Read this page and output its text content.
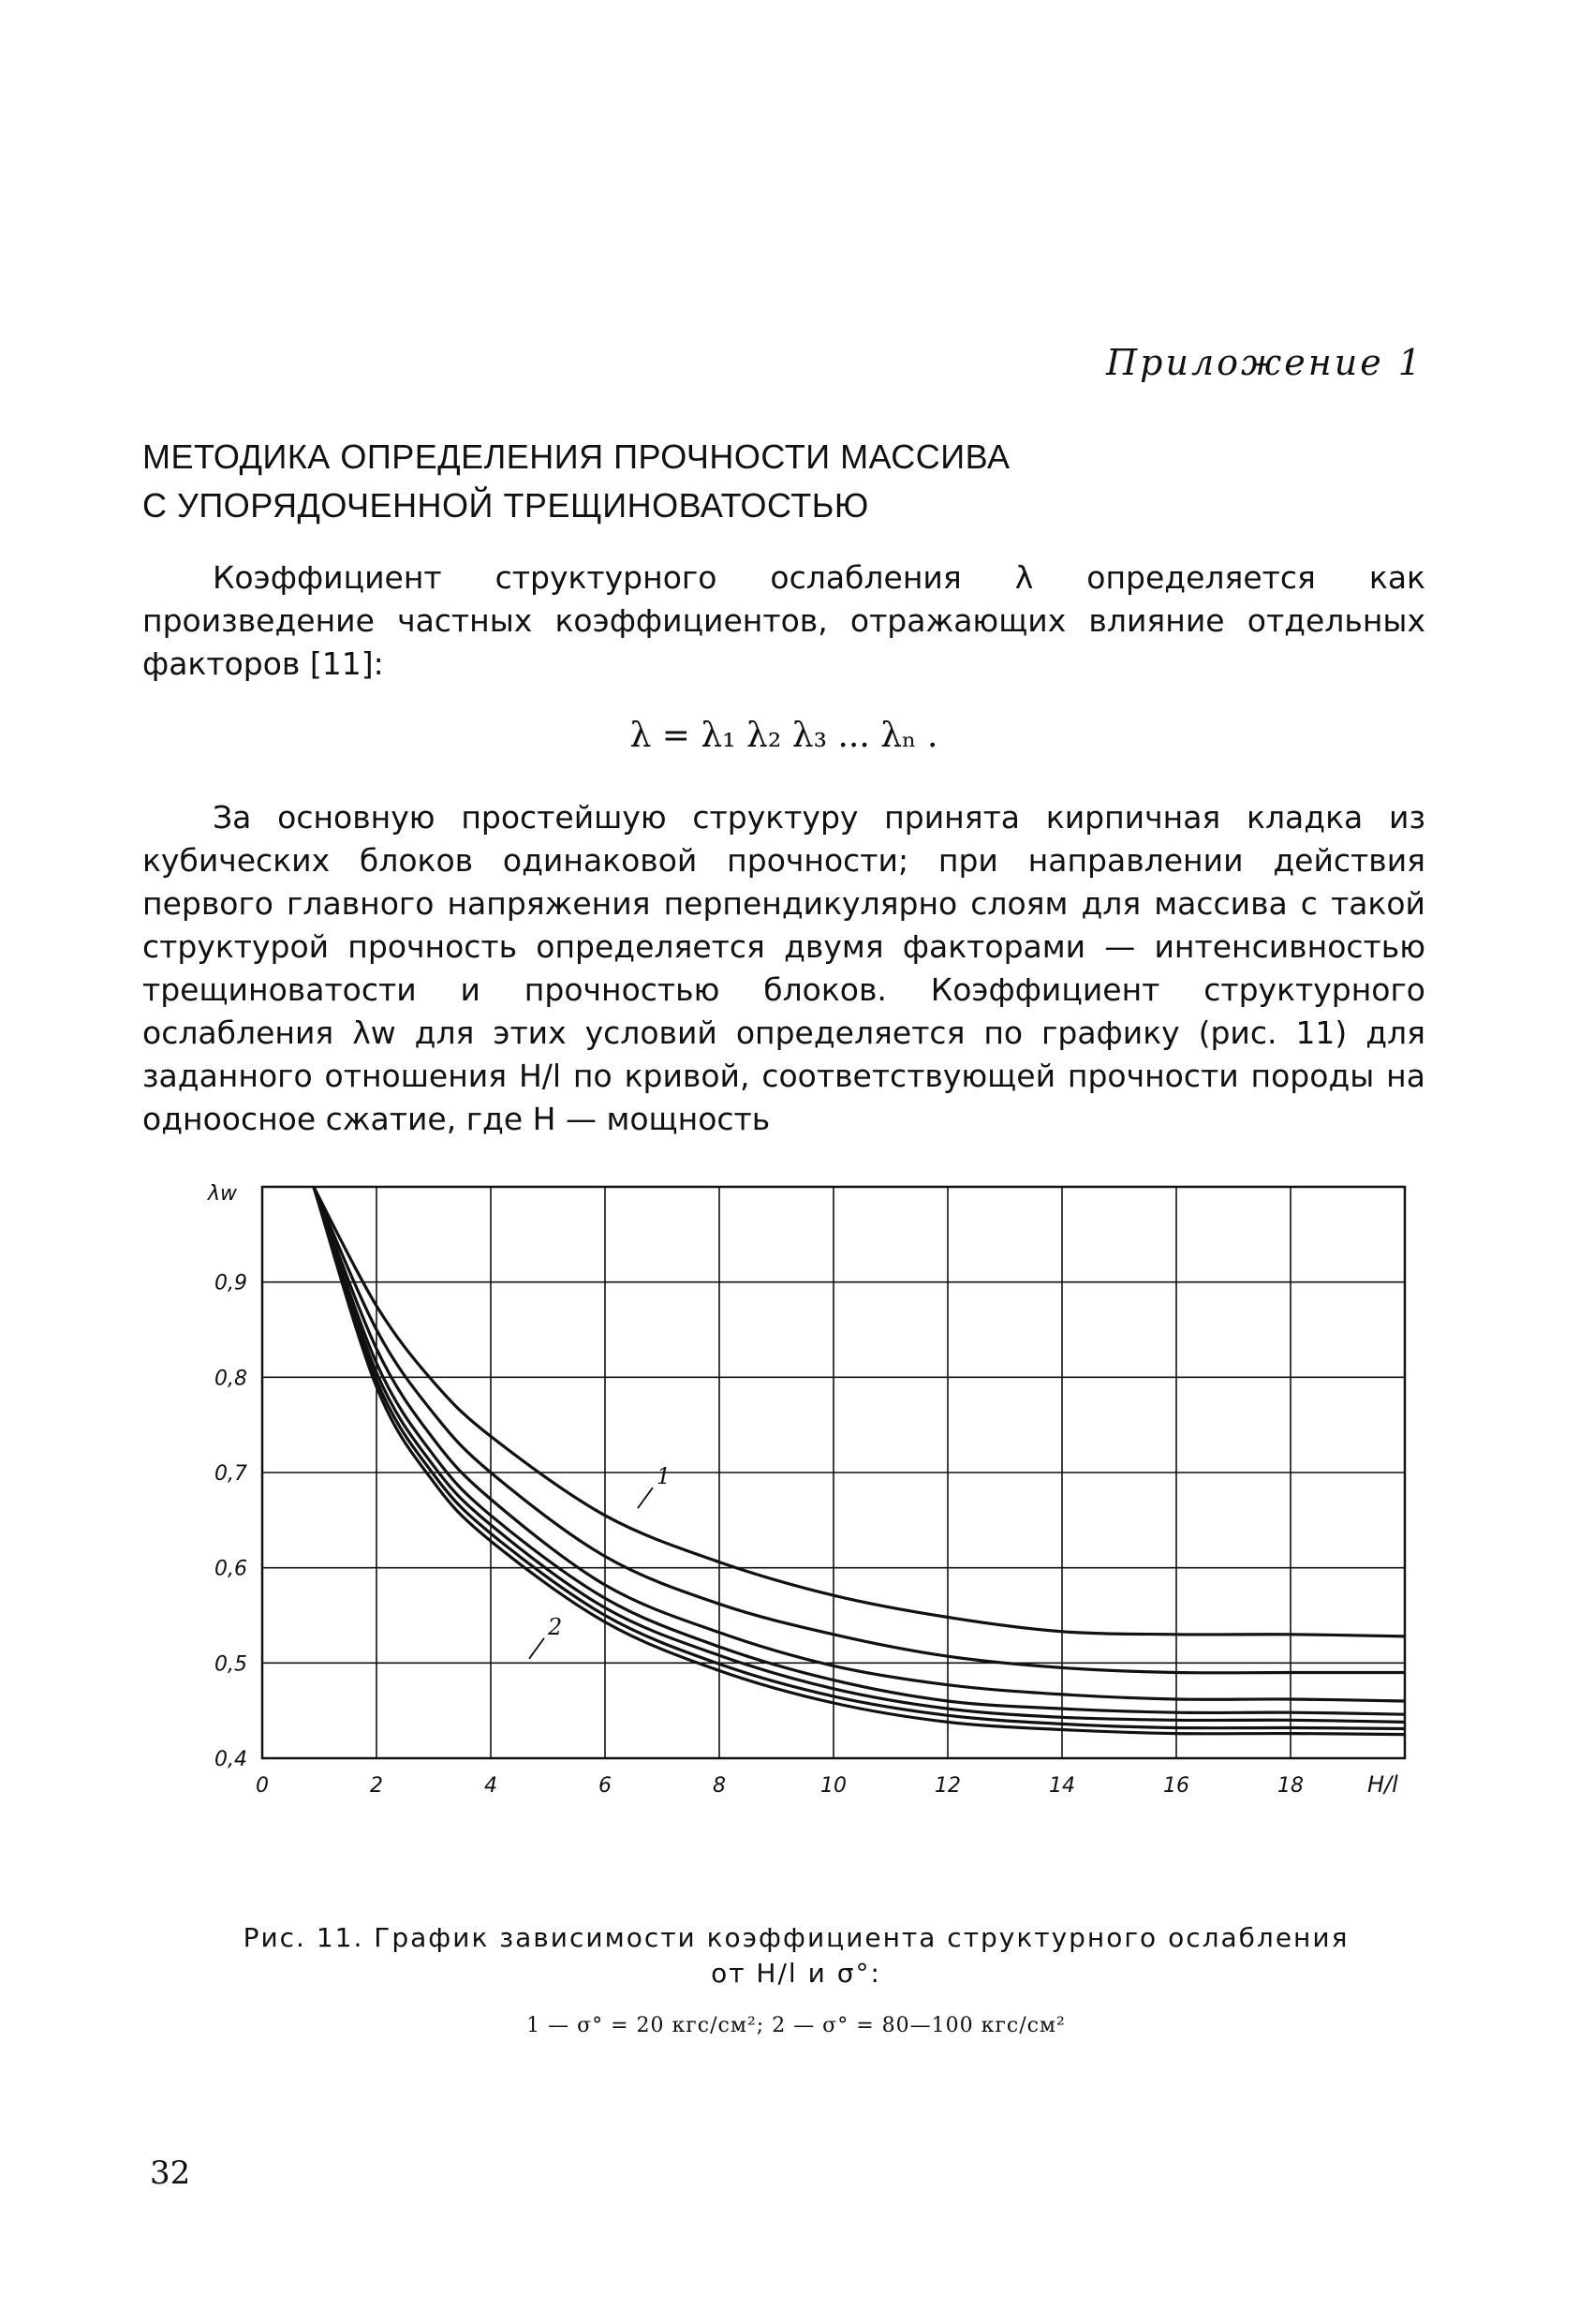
Приложение 1
МЕТОДИКА ОПРЕДЕЛЕНИЯ ПРОЧНОСТИ МАССИВА
С УПОРЯДОЧЕННОЙ ТРЕЩИНОВАТОСТЬЮ

Коэффициент структурного ослабления λ определяется как произведение частных коэффициентов, отражающих влияние отдельных факторов [11]:

λ = λ₁ λ₂ λ₃ ... λₙ .

За основную простейшую структуру принята кирпичная кладка из кубических блоков одинаковой прочности; при направлении действия первого главного напряжения перпендикулярно слоям для массива с такой структурой прочность определяется двумя факторами — интенсивностью трещиноватости и прочностью блоков. Коэффициент структурного ослабления λw для этих условий определяется по графику (рис. 11) для заданного отношения H/l по кривой, соответствующей прочности породы на одноосное сжатие, где H — мощность

1
2
0	2	4	6	8	10	12	14	16	18
0,4
0,5
0,6
0,7
0,8
0,9
λw
H/l
Рис. 11. График зависимости коэффициента структурного ослабления
от H/l и σ°:
1 — σ° = 20 кгс/см²; 2 — σ° = 80—100 кгс/см²
32
